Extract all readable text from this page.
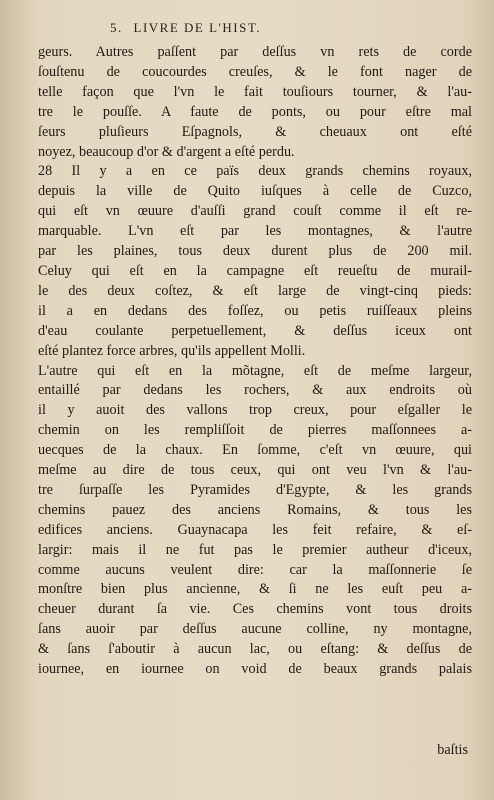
5. LIVRE DE L'HIST.
geurs. Autres paſſent par deſſus vn rets de corde
ſouſtenu de coucourdes creuſes, & le font nager de
telle façon que l'vn le fait touſiours tourner, & l'au-
tre le pouſſe. A faute de ponts, ou pour eſtre mal
ſeurs pluſieurs Eſpagnols, & cheuaux ont eſté
noyez, beaucoup d'or & d'argent a eſté perdu.
28 Il y a en ce païs deux grands chemins royaux,
depuis la ville de Quito iuſques à celle de Cuzco,
qui eſt vn œuure d'auſſi grand couſt comme il eſt re-
marquable. L'vn eſt par les montagnes, & l'autre
par les plaines, tous deux durent plus de 200 mil.
Celuy qui eſt en la campagne eſt reueſtu de murail-
le des deux coſtez, & eſt large de vingt-cinq pieds:
il a en dedans des foſſez, ou petis ruiſſeaux pleins
d'eau coulante perpetuellement, & deſſus iceux ont
eſté plantez force arbres, qu'ils appellent Molli.
L'autre qui eſt en la mõtagne, eſt de meſme largeur,
entaillé par dedans les rochers, & aux endroits où
il y auoit des vallons trop creux, pour eſgaller le
chemin on les rempliſſoit de pierres maſſonnees a-
uecques de la chaux. En ſomme, c'eſt vn œuure, qui
meſme au dire de tous ceux, qui ont veu l'vn & l'au-
tre ſurpaſſe les Pyramides d'Egypte, & les grands
chemins pauez des anciens Romains, & tous les
edifices anciens. Guaynacapa les feit refaire, & eſ-
largir: mais il ne fut pas le premier autheur d'iceux,
comme aucuns veulent dire: car la maſſonnerie ſe
monſtre bien plus ancienne, & ſi ne les euſt peu a-
cheuer durant ſa vie. Ces chemins vont tous droits
ſans auoir par deſſus aucune colline, ny montagne,
& ſans ſ'aboutir à aucun lac, ou eſtang: & deſſus de
iournee, en iournee on void de beaux grands palais
baſtis
